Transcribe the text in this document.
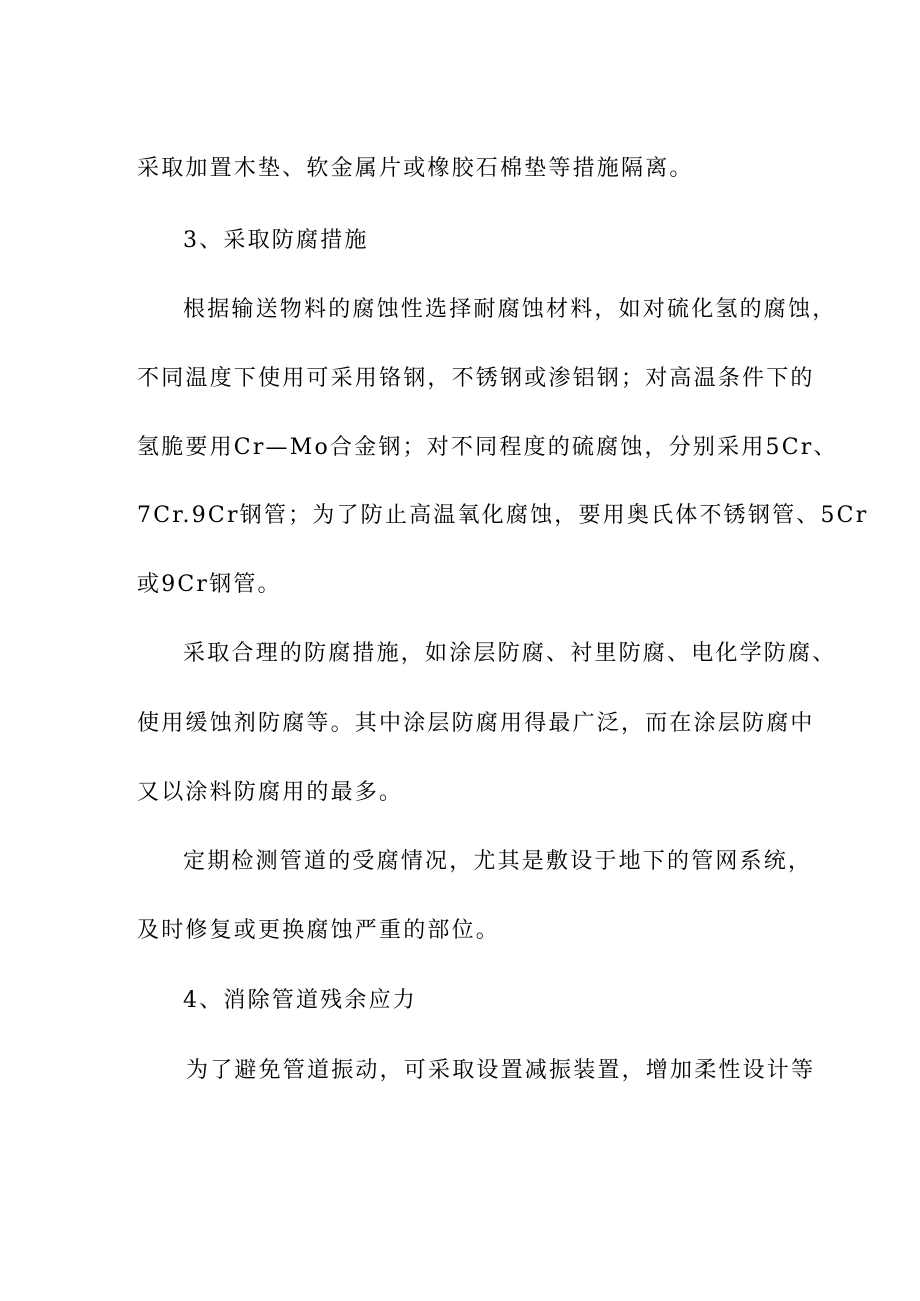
采取加置木垫、软金属片或橡胶石棉垫等措施隔离。
3、采取防腐措施
根据输送物料的腐蚀性选择耐腐蚀材料，如对硫化氢的腐蚀，
不同温度下使用可采用铬钢，不锈钢或渗铝钢；对高温条件下的
氢脆要用Cr—Mo合金钢；对不同程度的硫腐蚀，分别采用5Cr、
7Cr.9Cr钢管；为了防止高温氧化腐蚀，要用奥氏体不锈钢管、5Cr
或9Cr钢管。
采取合理的防腐措施，如涂层防腐、衬里防腐、电化学防腐、
使用缓蚀剂防腐等。其中涂层防腐用得最广泛，而在涂层防腐中
又以涂料防腐用的最多。
定期检测管道的受腐情况，尤其是敷设于地下的管网系统，
及时修复或更换腐蚀严重的部位。
4、消除管道残余应力
为了避免管道振动，可采取设置减振装置，增加柔性设计等
